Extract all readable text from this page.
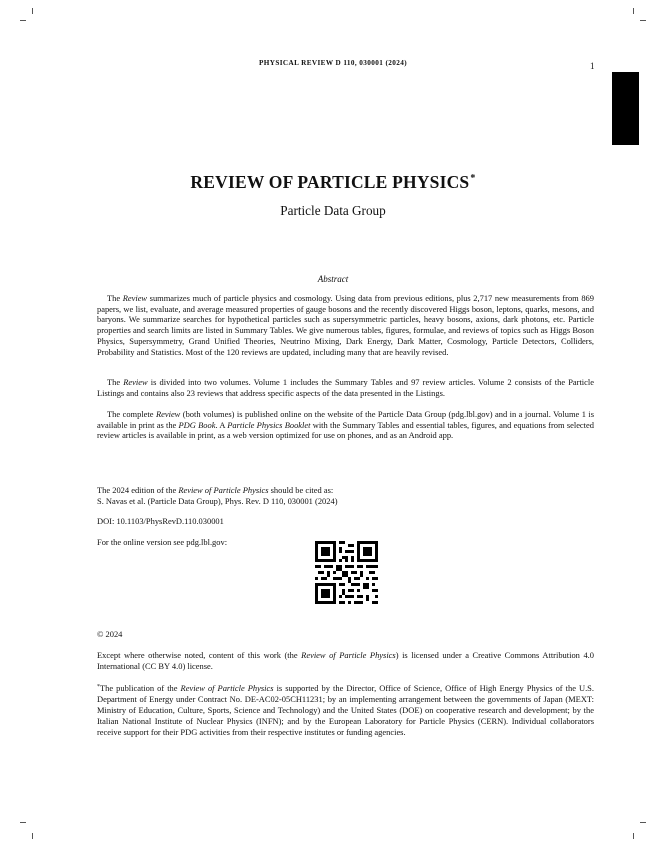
PHYSICAL REVIEW D 110, 030001 (2024)	1
REVIEW OF PARTICLE PHYSICS*
Particle Data Group
Abstract

The Review summarizes much of particle physics and cosmology. Using data from previous editions, plus 2,717 new measurements from 869 papers, we list, evaluate, and average measured properties of gauge bosons and the recently discovered Higgs boson, leptons, quarks, mesons, and baryons. We summarize searches for hypothetical particles such as supersymmetric particles, heavy bosons, axions, dark photons, etc. Particle properties and search limits are listed in Summary Tables. We give numerous tables, figures, formulae, and reviews of topics such as Higgs Boson Physics, Supersymmetry, Grand Unified Theories, Neutrino Mixing, Dark Energy, Dark Matter, Cosmology, Particle Detectors, Colliders, Probability and Statistics. Most of the 120 reviews are updated, including many that are heavily revised.

The Review is divided into two volumes. Volume 1 includes the Summary Tables and 97 review articles. Volume 2 consists of the Particle Listings and contains also 23 reviews that address specific aspects of the data presented in the Listings.

The complete Review (both volumes) is published online on the website of the Particle Data Group (pdg.lbl.gov) and in a journal. Volume 1 is available in print as the PDG Book. A Particle Physics Booklet with the Summary Tables and essential tables, figures, and equations from selected review articles is available in print, as a web version optimized for use on phones, and as an Android app.

The 2024 edition of the Review of Particle Physics should be cited as:
S. Navas et al. (Particle Data Group), Phys. Rev. D 110, 030001 (2024)

DOI: 10.1103/PhysRevD.110.030001

For the online version see pdg.lbl.gov:

© 2024

Except where otherwise noted, content of this work (the Review of Particle Physics) is licensed under a Creative Commons Attribution 4.0 International (CC BY 4.0) license.

*The publication of the Review of Particle Physics is supported by the Director, Office of Science, Office of High Energy Physics of the U.S. Department of Energy under Contract No. DE-AC02-05CH11231; by an implementing arrangement between the governments of Japan (MEXT: Ministry of Education, Culture, Sports, Science and Technology) and the United States (DOE) on cooperative research and development; by the Italian National Institute of Nuclear Physics (INFN); and by the European Laboratory for Particle Physics (CERN). Individual collaborators receive support for their PDG activities from their respective institutes or funding agencies.
